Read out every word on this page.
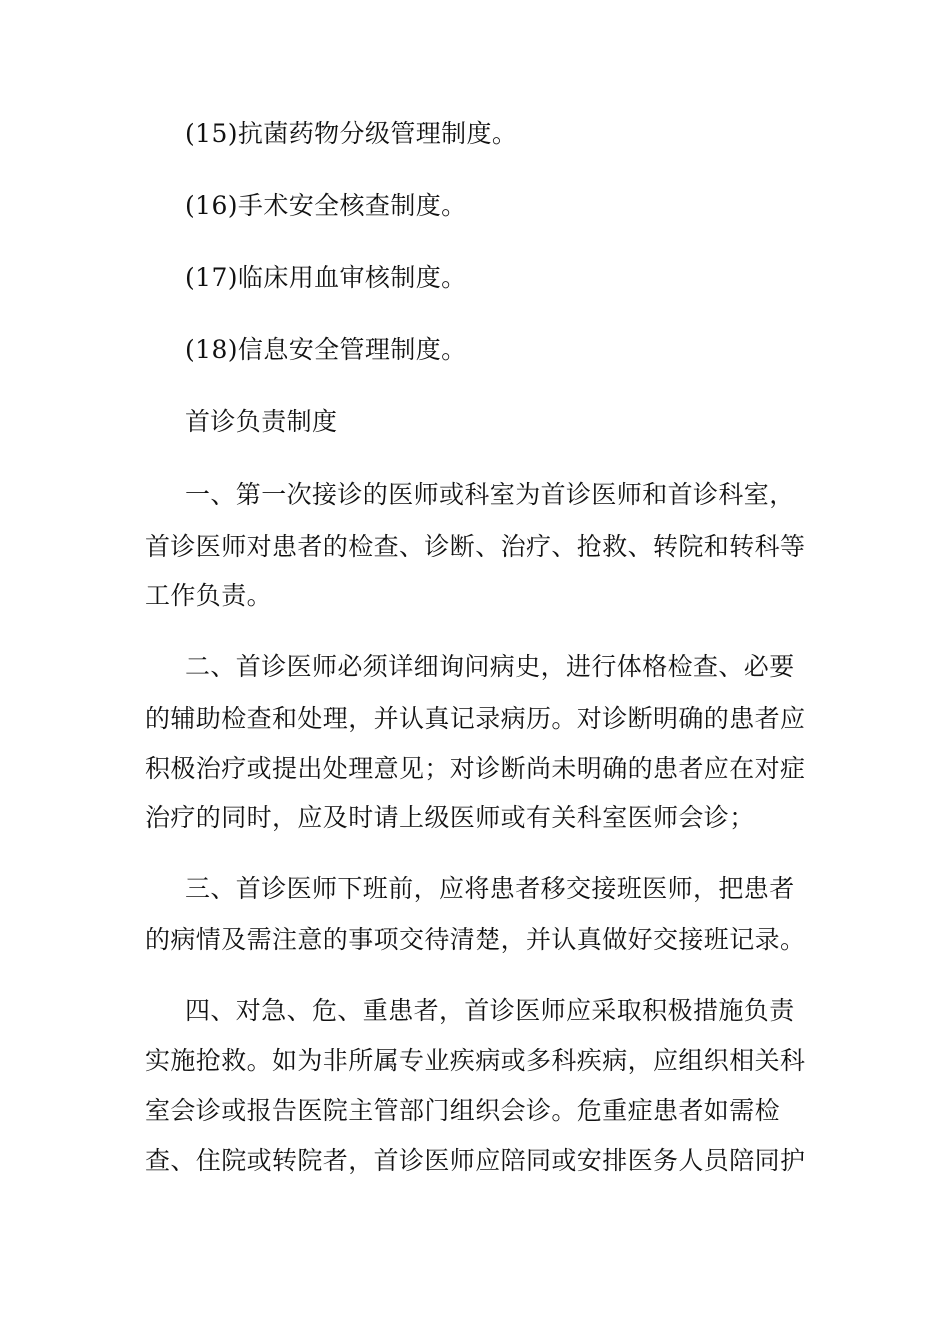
(15)抗菌药物分级管理制度。
(16)手术安全核查制度。
(17)临床用血审核制度。
(18)信息安全管理制度。
首诊负责制度
一、第一次接诊的医师或科室为首诊医师和首诊科室，
首诊医师对患者的检查、诊断、治疗、抢救、转院和转科等
工作负责。
二、首诊医师必须详细询问病史，进行体格检查、必要
的辅助检查和处理，并认真记录病历。对诊断明确的患者应
积极治疗或提出处理意见；对诊断尚未明确的患者应在对症
治疗的同时，应及时请上级医师或有关科室医师会诊；
三、首诊医师下班前，应将患者移交接班医师，把患者
的病情及需注意的事项交待清楚，并认真做好交接班记录。
四、对急、危、重患者，首诊医师应采取积极措施负责
实施抢救。如为非所属专业疾病或多科疾病，应组织相关科
室会诊或报告医院主管部门组织会诊。危重症患者如需检
查、住院或转院者，首诊医师应陪同或安排医务人员陪同护
